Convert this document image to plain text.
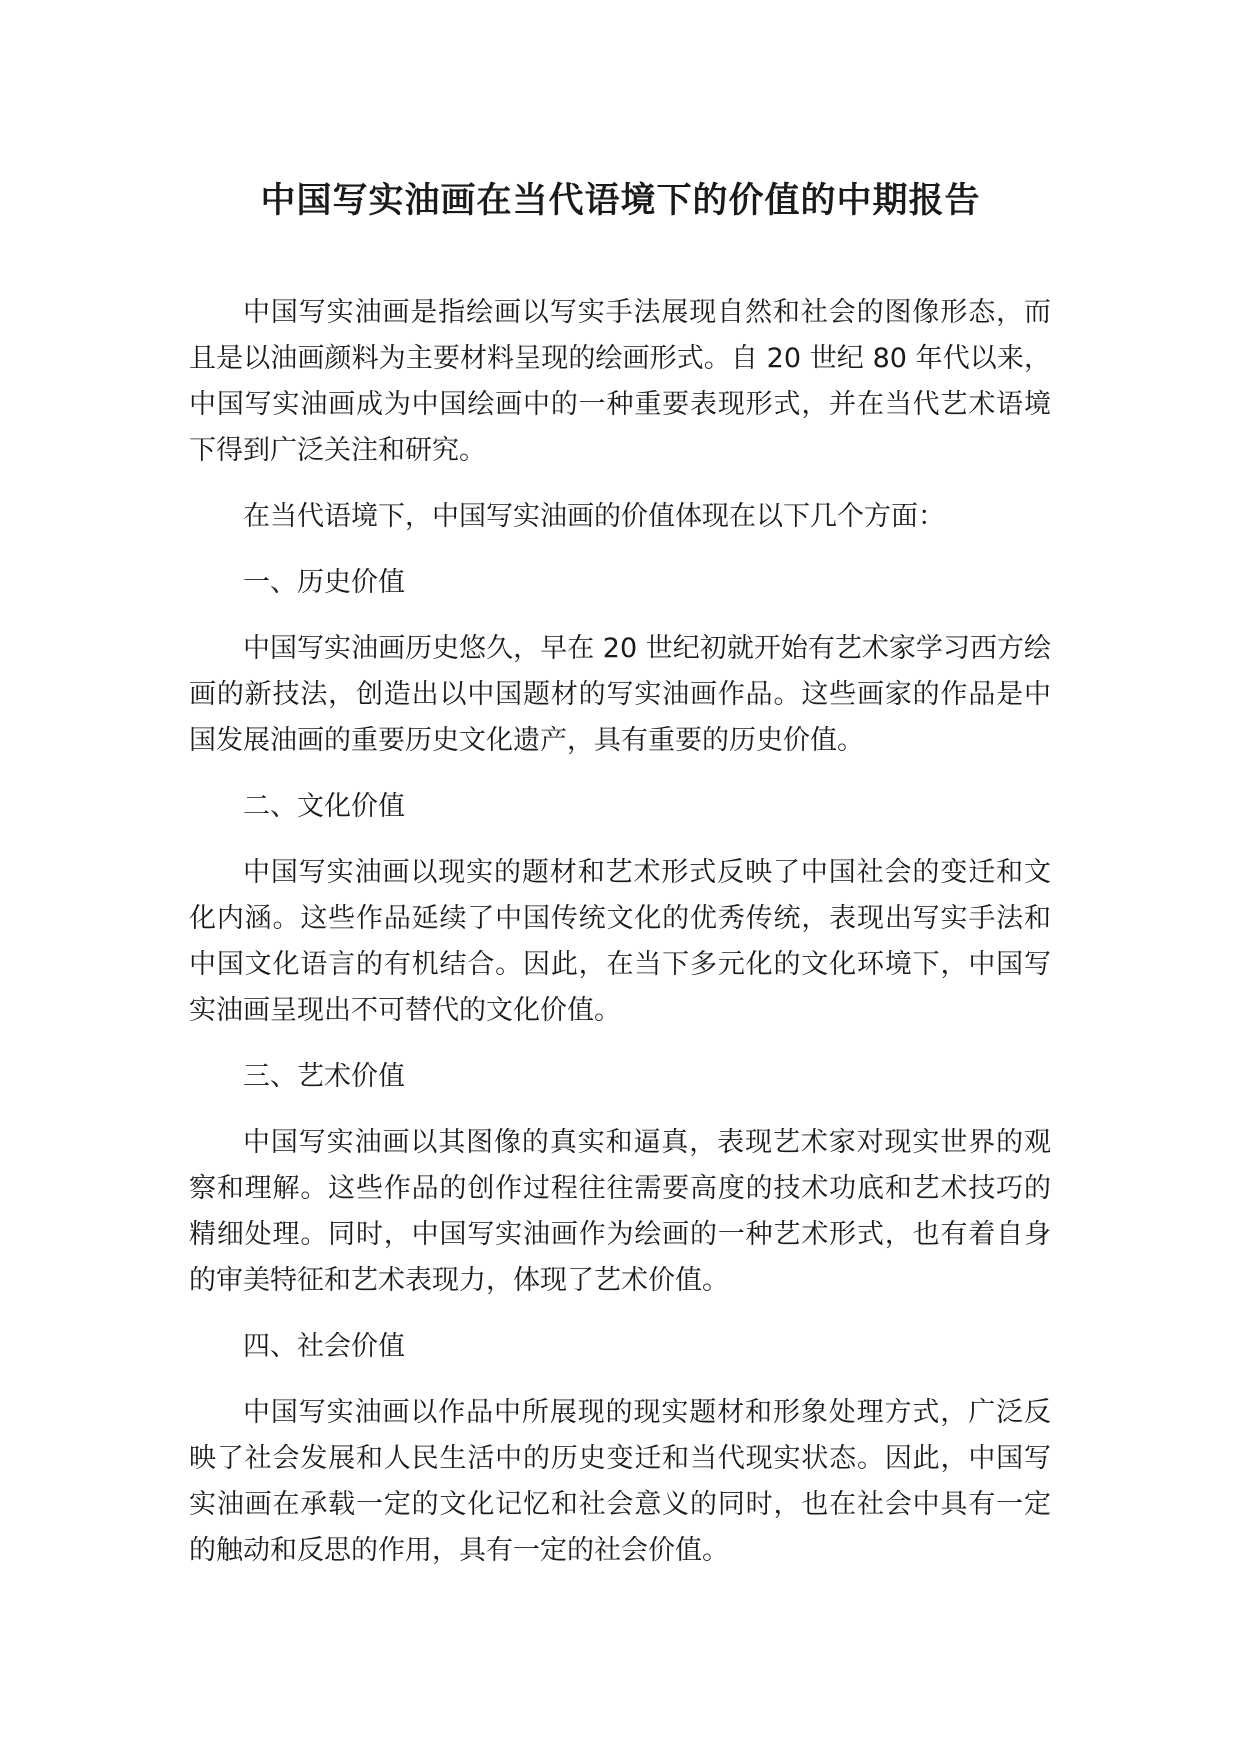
中国写实油画在当代语境下的价值的中期报告

中国写实油画是指绘画以写实手法展现自然和社会的图像形态，而且是以油画颜料为主要材料呈现的绘画形式。自 20 世纪 80 年代以来，中国写实油画成为中国绘画中的一种重要表现形式，并在当代艺术语境下得到广泛关注和研究。

在当代语境下，中国写实油画的价值体现在以下几个方面：

一、历史价值

中国写实油画历史悠久，早在 20 世纪初就开始有艺术家学习西方绘画的新技法，创造出以中国题材的写实油画作品。这些画家的作品是中国发展油画的重要历史文化遗产，具有重要的历史价值。

二、文化价值

中国写实油画以现实的题材和艺术形式反映了中国社会的变迁和文化内涵。这些作品延续了中国传统文化的优秀传统，表现出写实手法和中国文化语言的有机结合。因此，在当下多元化的文化环境下，中国写实油画呈现出不可替代的文化价值。

三、艺术价值

中国写实油画以其图像的真实和逼真，表现艺术家对现实世界的观察和理解。这些作品的创作过程往往需要高度的技术功底和艺术技巧的精细处理。同时，中国写实油画作为绘画的一种艺术形式，也有着自身的审美特征和艺术表现力，体现了艺术价值。

四、社会价值

中国写实油画以作品中所展现的现实题材和形象处理方式，广泛反映了社会发展和人民生活中的历史变迁和当代现实状态。因此，中国写实油画在承载一定的文化记忆和社会意义的同时，也在社会中具有一定的触动和反思的作用，具有一定的社会价值。
